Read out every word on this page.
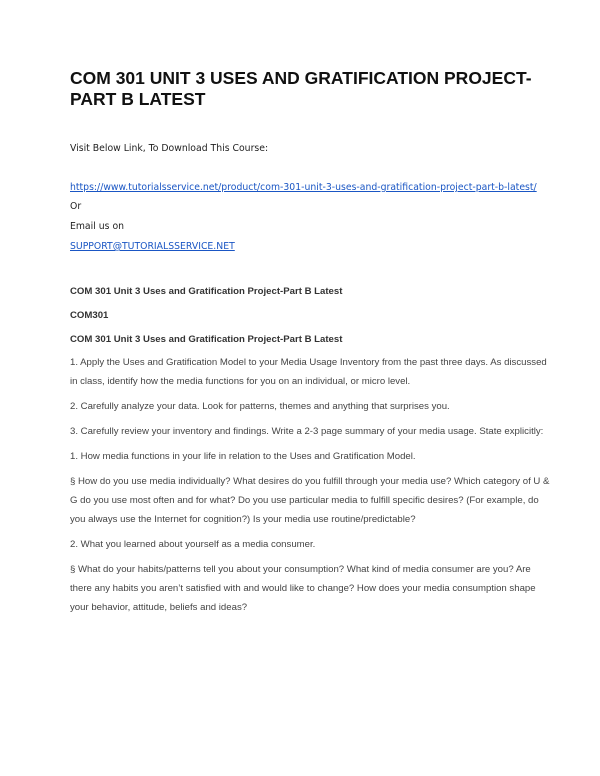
COM 301 UNIT 3 USES AND GRATIFICATION PROJECT-PART B LATEST

Visit Below Link, To Download This Course:

https://www.tutorialsservice.net/product/com-301-unit-3-uses-and-gratification-project-part-b-latest/

Or

Email us on

SUPPORT@TUTORIALSSERVICE.NET

COM 301 Unit 3 Uses and Gratification Project-Part B Latest

COM301

COM 301 Unit 3 Uses and Gratification Project-Part B Latest

1. Apply the Uses and Gratification Model to your Media Usage Inventory from the past three days. As discussed in class, identify how the media functions for you on an individual, or micro level.

2. Carefully analyze your data. Look for patterns, themes and anything that surprises you.

3. Carefully review your inventory and findings. Write a 2-3 page summary of your media usage. State explicitly:

1. How media functions in your life in relation to the Uses and Gratification Model.

§ How do you use media individually? What desires do you fulfill through your media use? Which category of U & G do you use most often and for what? Do you use particular media to fulfill specific desires? (For example, do you always use the Internet for cognition?) Is your media use routine/predictable?

2. What you learned about yourself as a media consumer.

§ What do your habits/patterns tell you about your consumption? What kind of media consumer are you? Are there any habits you aren’t satisfied with and would like to change? How does your media consumption shape your behavior, attitude, beliefs and ideas?
